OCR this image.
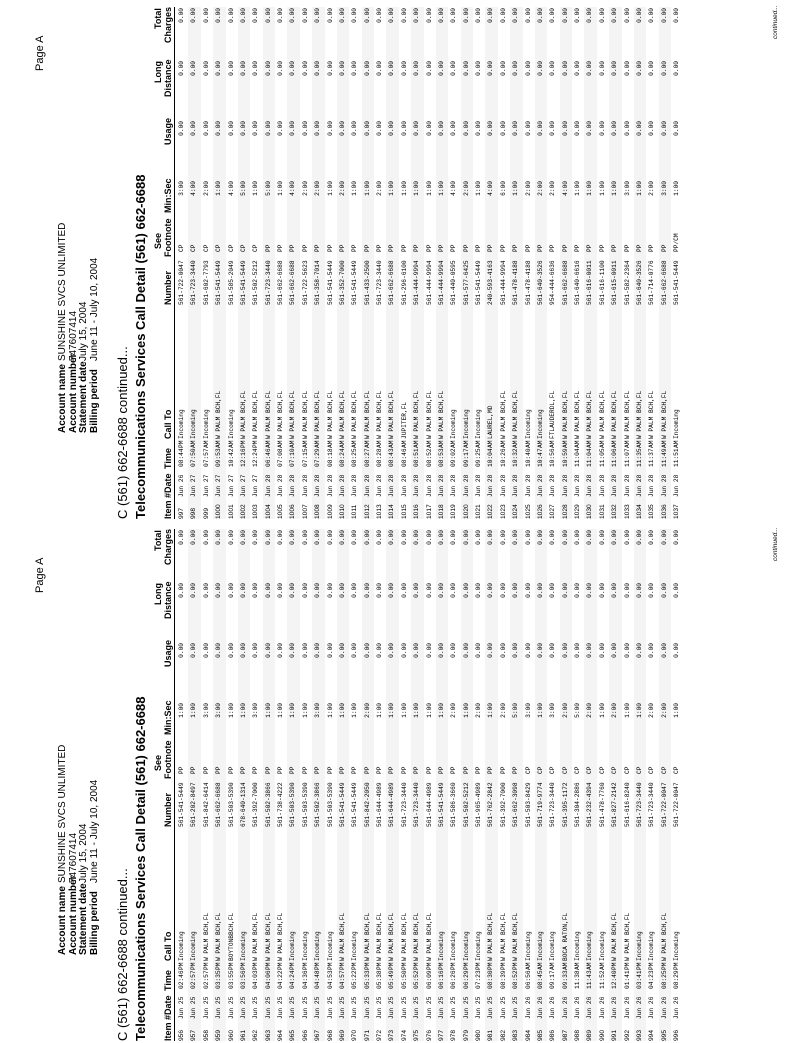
Page A
Account nameSUNSHINE SVCS UNLIMITED
Account number747607414
Statement dateJuly 15, 2004
Billing periodJune 11 - July 10, 2004
C (561) 662-6688 continued... Telecommunications Services Call Detail (561) 662-6688 Item #
Date
Time
Call To
Number
See Footnote
Min:Sec
Usage
Long Distance
Total Charges
956
Jun 25
02:46
PM
Incoming
561-541-5449
PP
1:00
0.00
0.00
0.00
957
Jun 25
02:57
PM
Incoming
561-202-8497
PP
1:00
0.00
0.00
0.00
958
Jun 25
02:57
PM
W PALM BCH,FL
561-842-6414
PP
3:00
0.00
0.00
0.00
959
Jun 25
03:35
PM
W PALM BCH,FL
561-662-6688
PP
3:00
0.00
0.00
0.00
960
Jun 25
03:55
PM
BOYTONBBCH,FL
561-503-5390
PP
1:00
0.00
0.00
0.00
961
Jun 25
03:56
PM
Incoming
678-640-1314
PP
1:00
0.00
0.00
0.00
962
Jun 25
04:03
PM
W PALM BCH,FL
561-392-7000
PP
3:00
0.00
0.00
0.00
963
Jun 25
04:06
PM
W PALM BCH,FL
561-502-3866
PP
1:00
0.00
0.00
0.00
964
Jun 25
04:22
PM
W PALM BCH,FL
561-738-4222
PP
1:00
0.00
0.00
0.00
965
Jun 25
04:24
PM
Incoming
561-503-5390
PP
1:00
0.00
0.00
0.00
966
Jun 25
04:36
PM
Incoming
561-503-5390
PP
1:00
0.00
0.00
0.00
967
Jun 25
04:48
PM
Incoming
561-502-3866
PP
3:00
0.00
0.00
0.00
968
Jun 25
04:53
PM
Incoming
561-503-5390
PP
1:00
0.00
0.00
0.00
969
Jun 25
04:57
PM
W PALM BCH,FL
561-541-5449
PP
1:00
0.00
0.00
0.00
970
Jun 25
05:22
PM
Incoming
561-541-5449
PP
1:00
0.00
0.00
0.00
971
Jun 25
05:33
PM
W PALM BCH,FL
561-842-2050
PP
2:00
0.00
0.00
0.00
972
Jun 25
05:38
PM
W PALM BCH,FL
561-644-4989
PP
1:00
0.00
0.00
0.00
973
Jun 25
05:49
PM
W PALM BCH,FL
561-644-4989
PP
1:00
0.00
0.00
0.00
974
Jun 25
05:50
PM
W PALM BCH,FL
561-723-3440
PP
1:00
0.00
0.00
0.00
975
Jun 25
05:52
PM
W PALM BCH,FL
561-723-3440
PP
1:00
0.00
0.00
0.00
976
Jun 25
06:09
PM
W PALM BCH,FL
561-644-4989
PP
1:00
0.00
0.00
0.00
977
Jun 25
06:16
PM
Incoming
561-541-5449
PP
1:00
0.00
0.00
0.00
978
Jun 25
06:26
PM
Incoming
561-586-3660
PP
2:00
0.00
0.00
0.00
979
Jun 25
06:29
PM
Incoming
561-502-5212
PP
1:00
0.00
0.00
0.00
980
Jun 25
07:23
PM
Incoming
561-965-4989
PP
2:00
0.00
0.00
0.00
981
Jun 25
08:30
PM
W PALM BCH,FL
561-762-2842
PP
1:00
0.00
0.00
0.00
982
Jun 25
08:39
PM
W PALM BCH,FL
561-392-7000
PP
2:00
0.00
0.00
0.00
983
Jun 25
08:52
PM
W PALM BCH,FL
561-662-3098
PP
5:00
0.00
0.00
0.00
984
Jun 26
06:56
AM
Incoming
561-503-8429
CP
3:00
0.00
0.00
0.00
985
Jun 26
08:45
AM
Incoming
561-719-9774
CP
1:00
0.00
0.00
0.00
986
Jun 26
09:17
AM
Incoming
561-723-3440
CP
3:00
0.00
0.00
0.00
987
Jun 26
09:33
AM
BOCA RATON,FL
561-395-1172
CP
2:00
0.00
0.00
0.00
988
Jun 26
11:38
AM
Incoming
561-304-2886
CP
5:00
0.00
0.00
0.00
989
Jun 26
11:43
AM
Incoming
561-232-4394
CP
2:00
0.00
0.00
0.00
990
Jun 26
11:52
AM
Incoming
561-478-7760
CP
1:00
0.00
0.00
0.00
991
Jun 26
12:40
PM
W PALM BCH,FL
561-827-2142
CP
2:00
0.00
0.00
0.00
992
Jun 26
01:41
PM
W PALM BCH,FL
561-616-8240
CP
1:00
0.00
0.00
0.00
993
Jun 26
03:41
PM
Incoming
561-723-3440
CP
1:00
0.00
0.00
0.00
994
Jun 26
04:23
PM
Incoming
561-723-3440
CP
2:00
0.00
0.00
0.00
995
Jun 26
08:25
PM
W PALM BCH,FL
561-722-0047
CP
2:00
0.00
0.00
0.00
996
Jun 26
08:29
PM
Incoming
561-722-0047
CP
1:00
0.00
0.00
0.00	continued...
Page A
Account nameSUNSHINE SVCS UNLIMITED
Account number747607414
Statement dateJuly 15, 2004
Billing periodJune 11 - July 10, 2004
C (561) 662-6688 continued... Telecommunications Services Call Detail (561) 662-6688 Item #
Date
Time
Call To
Number
See Footnote
Min:Sec
Usage
Long Distance
Total Charges
997
Jun 26
08:44
PM
Incoming
561-722-0047
CP
3:00
0.00
0.00
0.00
998
Jun 27
07:50
AM
Incoming
561-723-3440
CP
4:00
0.00
0.00
0.00
999
Jun 27
07:57
AM
Incoming
561-602-7793
CP
2:00
0.00
0.00
0.00
1000
Jun 27
09:53
AM
W PALM BCH,FL
561-541-5449
CP
1:00
0.00
0.00
0.00
1001
Jun 27
10:42
AM
Incoming
561-585-2049
CP
4:00
0.00
0.00
0.00
1002
Jun 27
12:16
PM
W PALM BCH,FL
561-541-5449
CP
5:00
0.00
0.00
0.00
1003
Jun 27
12:24
PM
W PALM BCH,FL
561-502-5212
CP
1:00
0.00
0.00
0.00
1004
Jun 28
06:46
AM
W PALM BCH,FL
561-723-3440
PP
5:00
0.00
0.00
0.00
1005
Jun 28
07:08
AM
W PALM BCH,FL
561-662-6688
PP
1:00
0.00
0.00
0.00
1006
Jun 28
07:10
AM
W PALM BCH,FL
561-662-6688
PP
4:00
0.00
0.00
0.00
1007
Jun 28
07:15
AM
W PALM BCH,FL
561-722-5623
PP
2:00
0.00
0.00
0.00
1008
Jun 28
07:29
AM
W PALM BCH,FL
561-358-7014
PP
2:00
0.00
0.00
0.00
1009
Jun 28
08:18
AM
W PALM BCH,FL
561-541-5449
PP
1:00
0.00
0.00
0.00
1010
Jun 28
08:24
AM
W PALM BCH,FL
561-352-7000
PP
2:00
0.00
0.00
0.00
1011
Jun 28
08:25
AM
W PALM BCH,FL
561-541-5449
PP
1:00
0.00
0.00
0.00
1012
Jun 28
08:27
AM
W PALM BCH,FL
561-433-2500
PP
1:00
0.00
0.00
0.00
1013
Jun 28
08:28
AM
W PALM BCH,FL
561-723-3440
PP
2:00
0.00
0.00
0.00
1014
Jun 28
08:43
AM
W PALM BCH,FL
561-662-6688
PP
1:00
0.00
0.00
0.00
1015
Jun 28
08:46
AM
JUPITER,FL
561-296-6100
PP
1:00
0.00
0.00
0.00
1016
Jun 28
08:51
AM
W PALM BCH,FL
561-444-9994
PP
1:00
0.00
0.00
0.00
1017
Jun 28
08:52
AM
W PALM BCH,FL
561-444-9994
PP
1:00
0.00
0.00
0.00
1018
Jun 28
08:53
AM
W PALM BCH,FL
561-444-9994
PP
1:00
0.00
0.00
0.00
1019
Jun 28
09:02
AM
Incoming
561-440-0595
PP
4:00
0.00
0.00
0.00
1020
Jun 28
09:17
AM
Incoming
561-577-6425
PP
2:00
0.00
0.00
0.00
1021
Jun 28
09:25
AM
Incoming
561-541-5449
PP
1:00
0.00
0.00
0.00
1022
Jun 28
10:04
AM
LAUREL,MD
240-593-4163
PP
4:00
0.00
0.00
0.00
1023
Jun 28
10:26
AM
W PALM BCH,FL
561-444-9994
PP
6:00
0.00
0.00
0.00
1024
Jun 28
10:32
AM
W PALM BCH,FL
561-478-4188
PP
1:00
0.00
0.00
0.00
1025
Jun 28
10:40
AM
Incoming
561-478-4188
PP
2:00
0.00
0.00
0.00
1026
Jun 28
10:47
AM
Incoming
561-640-3526
PP
2:00
0.00
0.00
0.00
1027
Jun 28
10:56
AM
FTLAUDERDL,FL
954-444-6636
PP
2:00
0.00
0.00
0.00
1028
Jun 28
10:59
AM
W PALM BCH,FL
561-662-6688
PP
4:00
0.00
0.00
0.00
1029
Jun 28
11:04
AM
W PALM BCH,FL
561-640-6616
PP
1:00
0.00
0.00
0.00
1030
Jun 28
11:04
AM
W PALM BCH,FL
561-616-0011
PP
1:00
0.00
0.00
0.00
1031
Jun 28
11:05
AM
W PALM BCH,FL
561-616-1100
PP
1:00
0.00
0.00
0.00
1032
Jun 28
11:06
AM
W PALM BCH,FL
561-615-0011
PP
1:00
0.00
0.00
0.00
1033
Jun 28
11:07
AM
W PALM BCH,FL
561-582-2364
PP
3:00
0.00
0.00
0.00
1034
Jun 28
11:35
AM
W PALM BCH,FL
561-640-3526
PP
1:00
0.00
0.00
0.00
1035
Jun 28
11:37
AM
W PALM BCH,FL
561-714-0776
PP
2:00
0.00
0.00
0.00
1036
Jun 28
11:49
AM
W PALM BCH,FL
561-662-6688
PP
3:00
0.00
0.00
0.00
1037
Jun 28
11:51
AM
Incoming
561-541-5449
PP/CM
1:00
0.00
0.00
0.00	continued...
